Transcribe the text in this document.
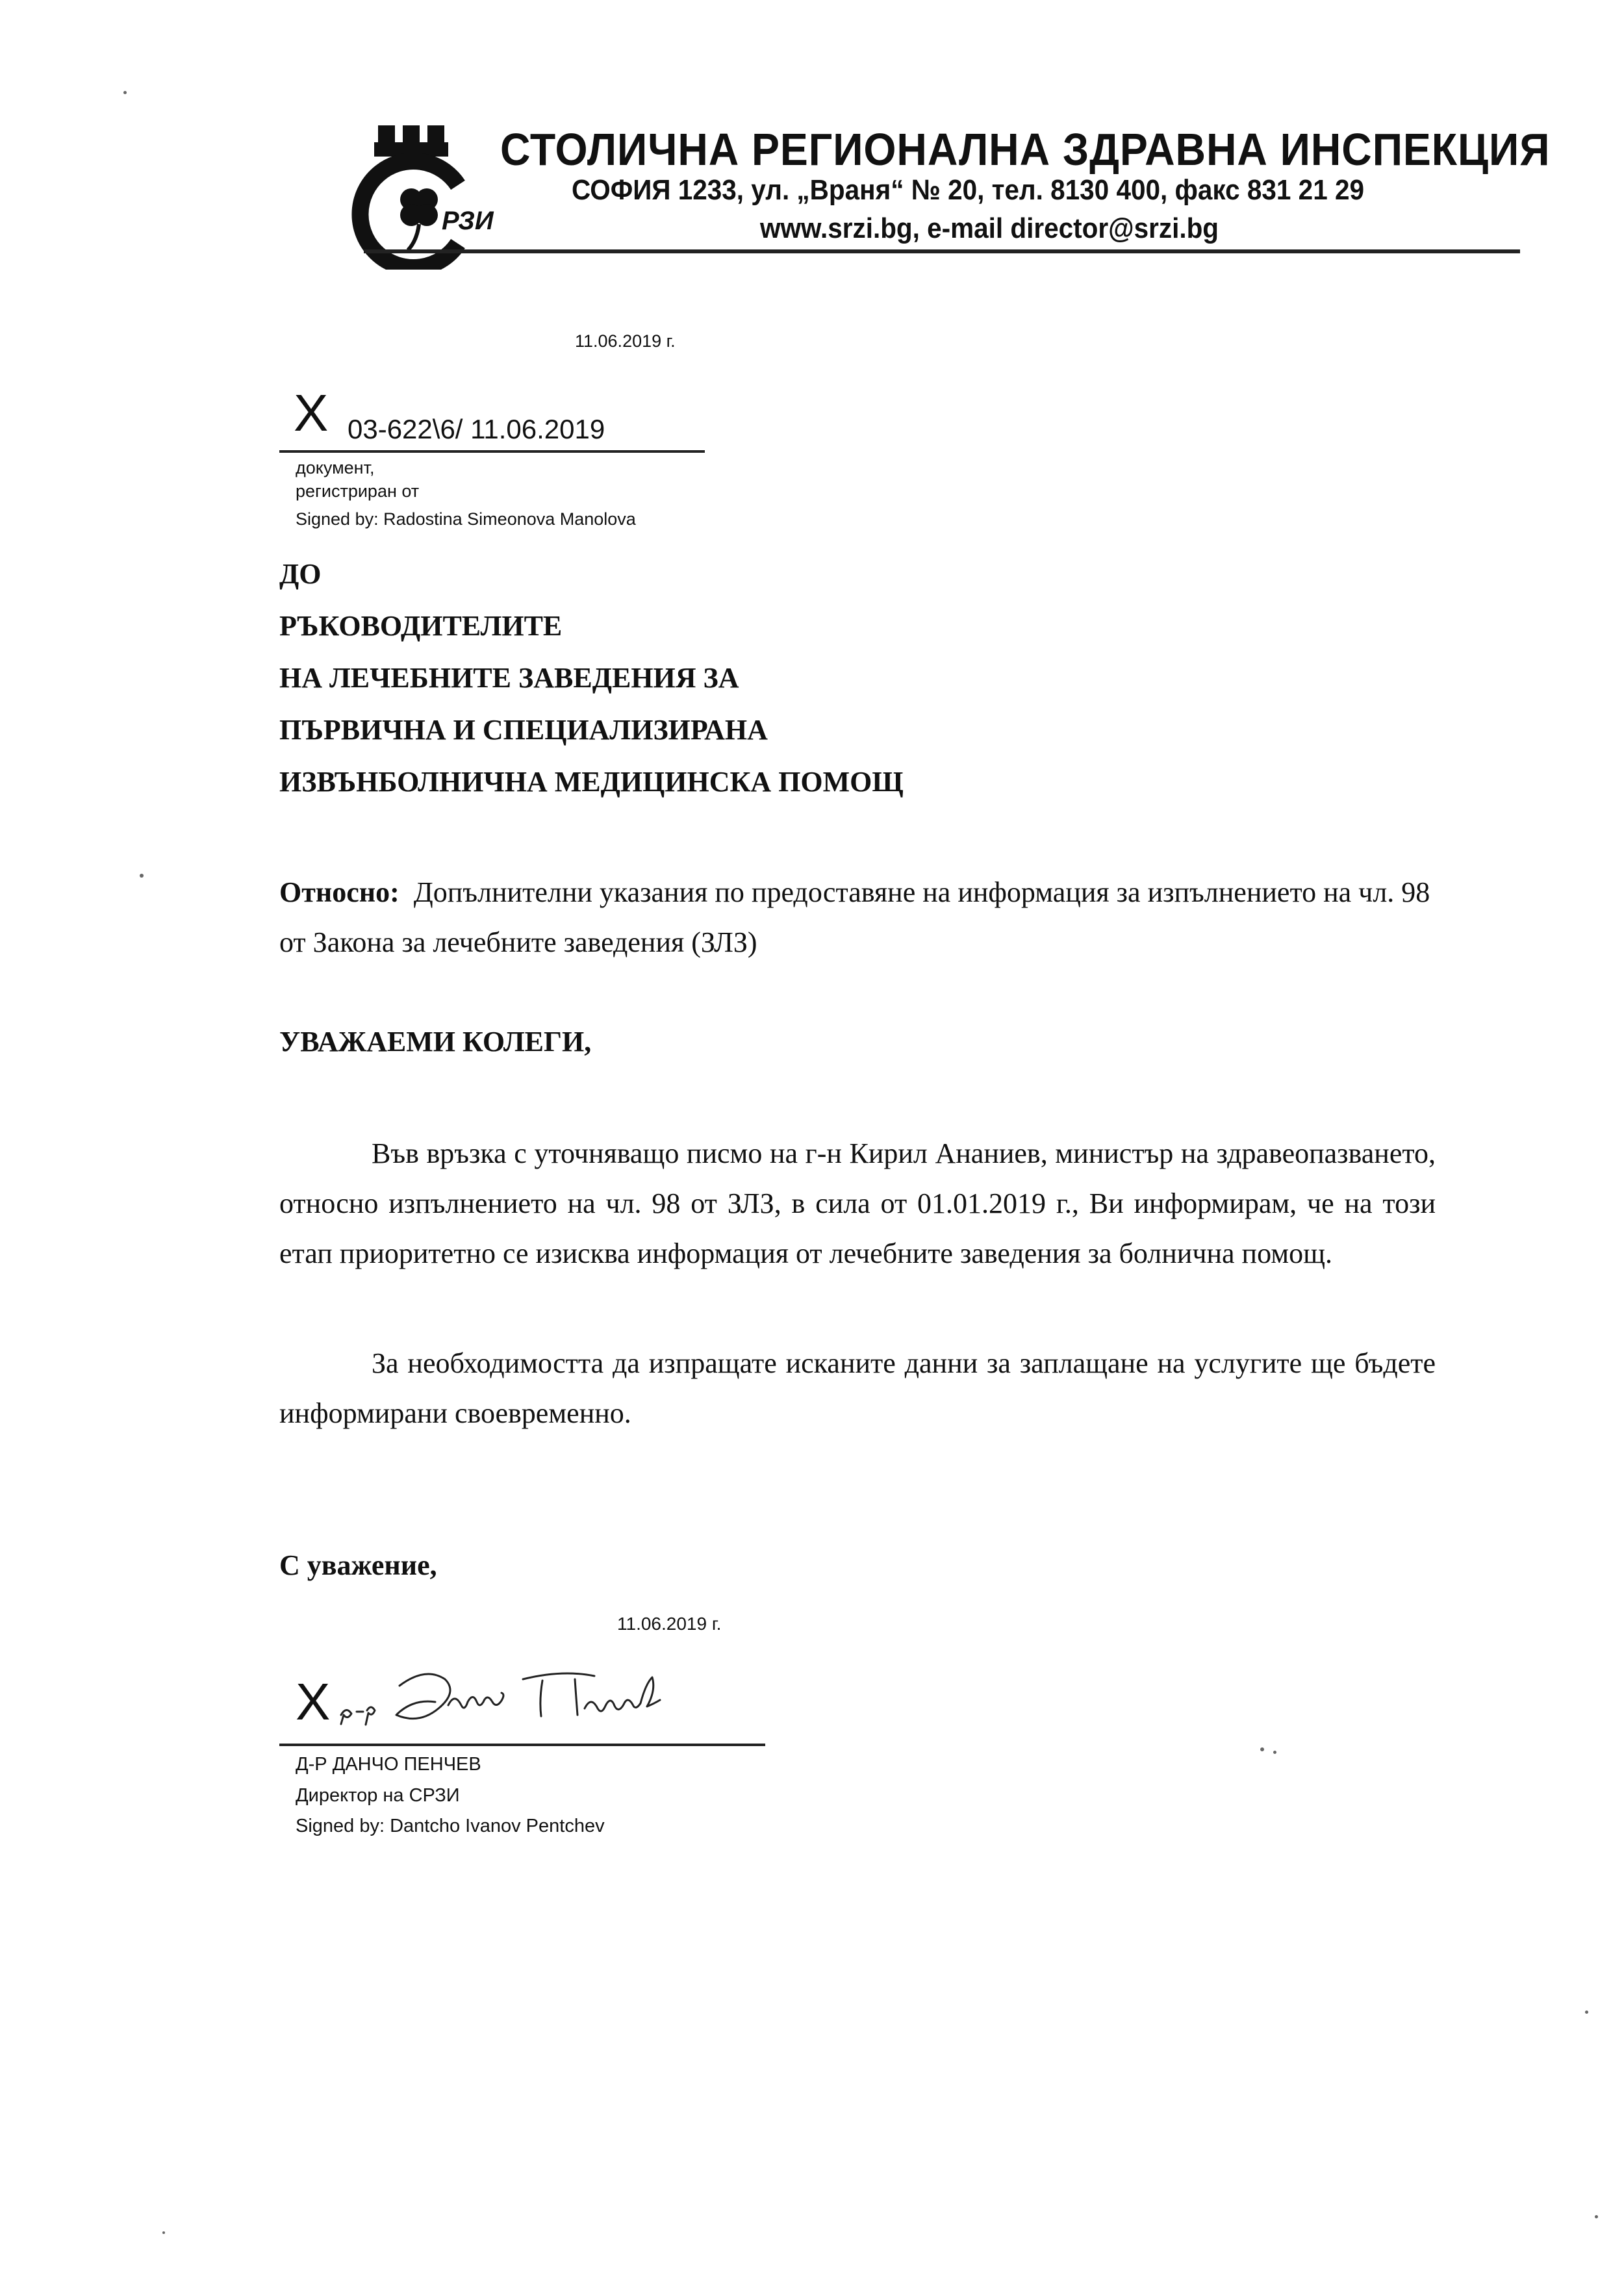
РЗИ
СТОЛИЧНА РЕГИОНАЛНА ЗДРАВНА ИНСПЕКЦИЯ
СОФИЯ 1233, ул. „Враня“ № 20, тел. 8130 400, факс 831 21 29
www.srzi.bg, e-mail director@srzi.bg
11.06.2019 г.
X 03-622\6/ 11.06.2019
документ,
регистриран от
Signed by: Radostina Simeonova Manolova
ДО
РЪКОВОДИТЕЛИТЕ
НА ЛЕЧЕБНИТЕ ЗАВЕДЕНИЯ ЗА
ПЪРВИЧНА И СПЕЦИАЛИЗИРАНА
ИЗВЪНБОЛНИЧНА МЕДИЦИНСКА ПОМОЩ
Относно: Допълнителни указания по предоставяне на информация за изпълнението на чл. 98 от Закона за лечебните заведения (ЗЛЗ)
УВАЖАЕМИ КОЛЕГИ,
Във връзка с уточняващо писмо на г-н Кирил Ананиев, министър на здравеопазването, относно изпълнението на чл. 98 от ЗЛЗ, в сила от 01.01.2019 г., Ви информирам, че на този етап приоритетно се изисква информация от лечебните заведения за болнична помощ.
За необходимостта да изпращате исканите данни за заплащане на услугите ще бъдете информирани своевременно.
С уважение,
11.06.2019 г.
X
Д-Р ДАНЧО ПЕНЧЕВ
Директор на СРЗИ
Signed by: Dantcho Ivanov Pentchev
